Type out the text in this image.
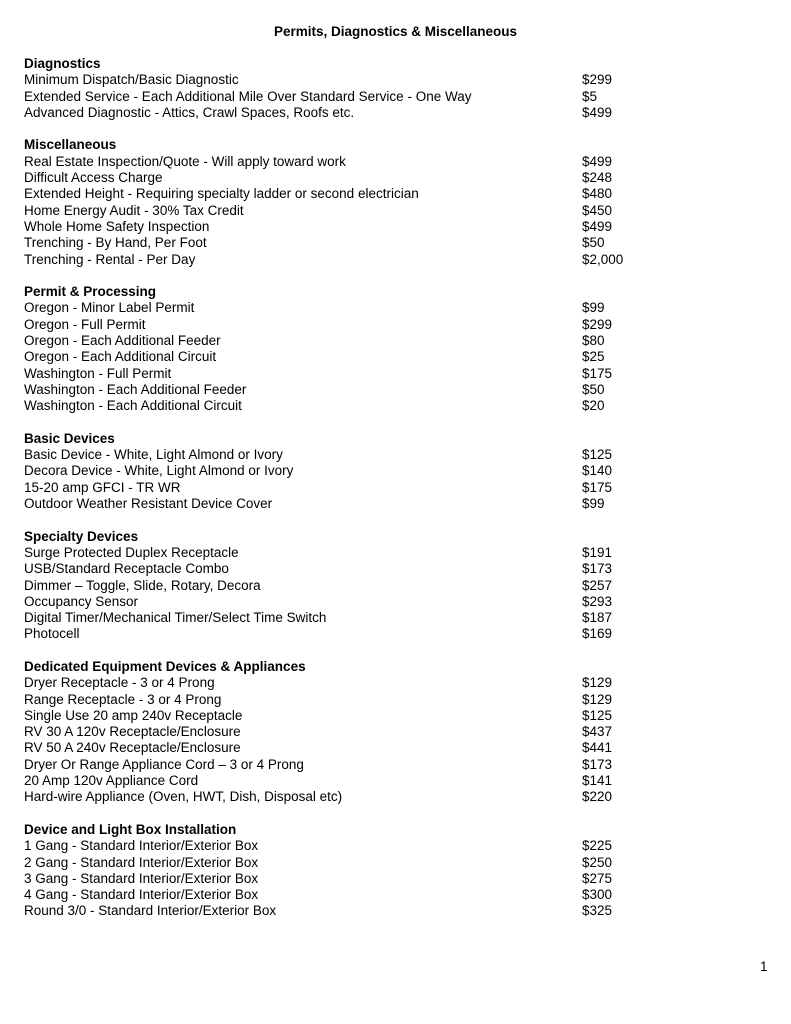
Permits, Diagnostics & Miscellaneous
Diagnostics
Minimum Dispatch/Basic Diagnostic	$299
Extended Service - Each Additional Mile Over Standard Service - One Way	$5
Advanced Diagnostic - Attics, Crawl Spaces, Roofs etc.	$499
Miscellaneous
Real Estate Inspection/Quote - Will apply toward work	$499
Difficult Access Charge	$248
Extended Height - Requiring specialty ladder or second electrician	$480
Home Energy Audit - 30% Tax Credit	$450
Whole Home Safety Inspection	$499
Trenching - By Hand, Per Foot	$50
Trenching - Rental - Per Day	$2,000
Permit & Processing
Oregon - Minor Label Permit	$99
Oregon - Full Permit	$299
Oregon - Each Additional Feeder	$80
Oregon - Each Additional Circuit	$25
Washington - Full Permit	$175
Washington - Each Additional Feeder	$50
Washington - Each Additional Circuit	$20
Basic Devices
Basic Device - White, Light Almond or Ivory	$125
Decora Device - White, Light Almond or Ivory	$140
15-20 amp GFCI - TR WR	$175
Outdoor Weather Resistant Device Cover	$99
Specialty Devices
Surge Protected Duplex Receptacle	$191
USB/Standard Receptacle Combo	$173
Dimmer – Toggle, Slide, Rotary, Decora	$257
Occupancy Sensor	$293
Digital Timer/Mechanical Timer/Select Time Switch	$187
Photocell	$169
Dedicated Equipment Devices & Appliances
Dryer Receptacle - 3 or 4 Prong	$129
Range Receptacle - 3 or 4 Prong	$129
Single Use 20 amp 240v Receptacle	$125
RV 30 A 120v Receptacle/Enclosure	$437
RV 50 A 240v Receptacle/Enclosure	$441
Dryer Or Range Appliance Cord – 3 or 4 Prong	$173
20 Amp 120v Appliance Cord	$141
Hard-wire Appliance (Oven, HWT, Dish, Disposal etc)	$220
Device and Light Box Installation
1 Gang - Standard Interior/Exterior Box	$225
2 Gang - Standard Interior/Exterior Box	$250
3 Gang - Standard Interior/Exterior Box	$275
4 Gang - Standard Interior/Exterior Box	$300
Round 3/0 - Standard Interior/Exterior Box	$325
1
